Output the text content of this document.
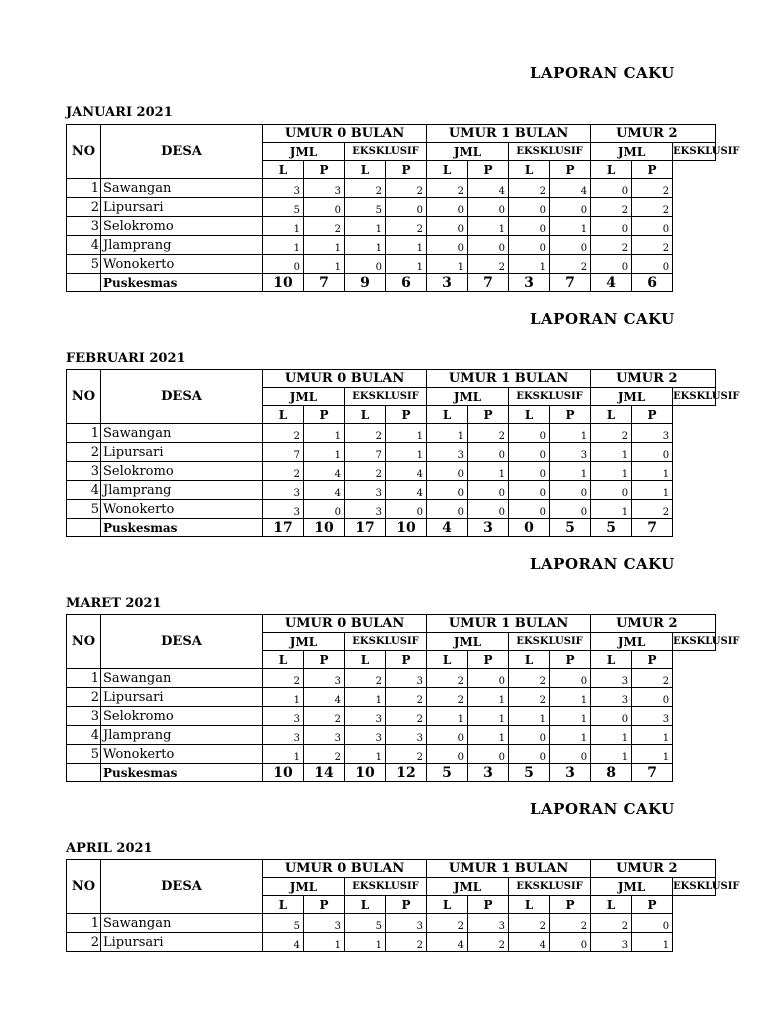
LAPORAN CAKU
JANUARI 2021
NO	DESA	UMUR 0 BULAN				UMUR 1 BULAN				UMUR 2		
		JML		EKSKLUSIF		JML		EKSKLUSIF		JML		EKSKLUSIF
		L	P	L	P	L	P	L	P	L	P	
1	Sawangan	3	3	2	2	2	4	2	4	0	2	
2	Lipursari	5	0	5	0	0	0	0	0	2	2	
3	Selokromo	1	2	1	2	0	1	0	1	0	0	
4	Jlamprang	1	1	1	1	0	0	0	0	2	2	
5	Wonokerto	0	1	0	1	1	2	1	2	0	0	
	Puskesmas	10	7	9	6	3	7	3	7	4	6	
LAPORAN CAKU
FEBRUARI 2021
NO	DESA	UMUR 0 BULAN				UMUR 1 BULAN				UMUR 2		
		JML		EKSKLUSIF		JML		EKSKLUSIF		JML		EKSKLUSIF
		L	P	L	P	L	P	L	P	L	P	
1	Sawangan	2	1	2	1	1	2	0	1	2	3	
2	Lipursari	7	1	7	1	3	0	0	3	1	0	
3	Selokromo	2	4	2	4	0	1	0	1	1	1	
4	Jlamprang	3	4	3	4	0	0	0	0	0	1	
5	Wonokerto	3	0	3	0	0	0	0	0	1	2	
	Puskesmas	17	10	17	10	4	3	0	5	5	7	
LAPORAN CAKU
MARET 2021
NO	DESA	UMUR 0 BULAN				UMUR 1 BULAN				UMUR 2		
		JML		EKSKLUSIF		JML		EKSKLUSIF		JML		EKSKLUSIF
		L	P	L	P	L	P	L	P	L	P	
1	Sawangan	2	3	2	3	2	0	2	0	3	2	
2	Lipursari	1	4	1	2	2	1	2	1	3	0	
3	Selokromo	3	2	3	2	1	1	1	1	0	3	
4	Jlamprang	3	3	3	3	0	1	0	1	1	1	
5	Wonokerto	1	2	1	2	0	0	0	0	1	1	
	Puskesmas	10	14	10	12	5	3	5	3	8	7	
LAPORAN CAKU
APRIL 2021
NO	DESA	UMUR 0 BULAN				UMUR 1 BULAN				UMUR 2		
		JML		EKSKLUSIF		JML		EKSKLUSIF		JML		EKSKLUSIF
		L	P	L	P	L	P	L	P	L	P	
1	Sawangan	5	3	5	3	2	3	2	2	2	0	
2	Lipursari	4	1	1	2	4	2	4	0	3	1	
